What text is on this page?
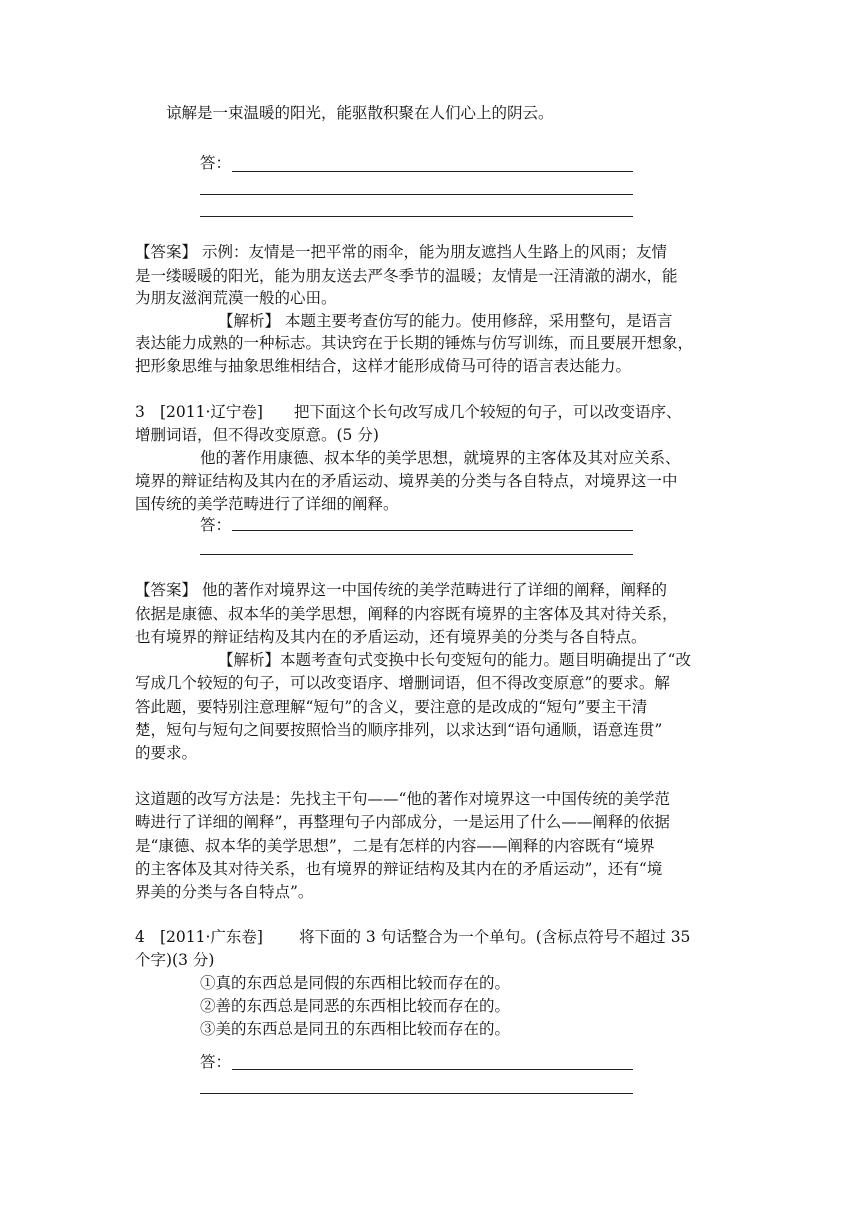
谅解是一束温暖的阳光，能驱散积聚在人们心上的阴云。
答：
【答案】 示例：友情是一把平常的雨伞，能为朋友遮挡人生路上的风雨；友情
是一缕暖暖的阳光，能为朋友送去严冬季节的温暖；友情是一汪清澈的湖水，能
为朋友滋润荒漠一般的心田。
【解析】 本题主要考查仿写的能力。使用修辞，采用整句，是语言
表达能力成熟的一种标志。其诀窍在于长期的锤炼与仿写训练，而且要展开想象，
把形象思维与抽象思维相结合，这样才能形成倚马可待的语言表达能力。
3 [2011·辽宁卷] 把下面这个长句改写成几个较短的句子，可以改变语序、
增删词语，但不得改变原意。(5 分)
他的著作用康德、叔本华的美学思想，就境界的主客体及其对应关系、
境界的辩证结构及其内在的矛盾运动、境界美的分类与各自特点，对境界这一中
国传统的美学范畴进行了详细的阐释。
答：
【答案】 他的著作对境界这一中国传统的美学范畴进行了详细的阐释，阐释的
依据是康德、叔本华的美学思想，阐释的内容既有境界的主客体及其对待关系，
也有境界的辩证结构及其内在的矛盾运动，还有境界美的分类与各自特点。
【解析】本题考查句式变换中长句变短句的能力。题目明确提出了“改
写成几个较短的句子，可以改变语序、增删词语，但不得改变原意”的要求。解
答此题，要特别注意理解“短句”的含义，要注意的是改成的“短句”要主干清
楚，短句与短句之间要按照恰当的顺序排列，以求达到“语句通顺，语意连贯”
的要求。
这道题的改写方法是：先找主干句——“他的著作对境界这一中国传统的美学范
畴进行了详细的阐释”，再整理句子内部成分，一是运用了什么——阐释的依据
是“康德、叔本华的美学思想”，二是有怎样的内容——阐释的内容既有“境界
的主客体及其对待关系，也有境界的辩证结构及其内在的矛盾运动”，还有“境
界美的分类与各自特点”。
4 [2011·广东卷] 将下面的 3 句话整合为一个单句。(含标点符号不超过 35
个字)(3 分)
①真的东西总是同假的东西相比较而存在的。
②善的东西总是同恶的东西相比较而存在的。
③美的东西总是同丑的东西相比较而存在的。
答：
